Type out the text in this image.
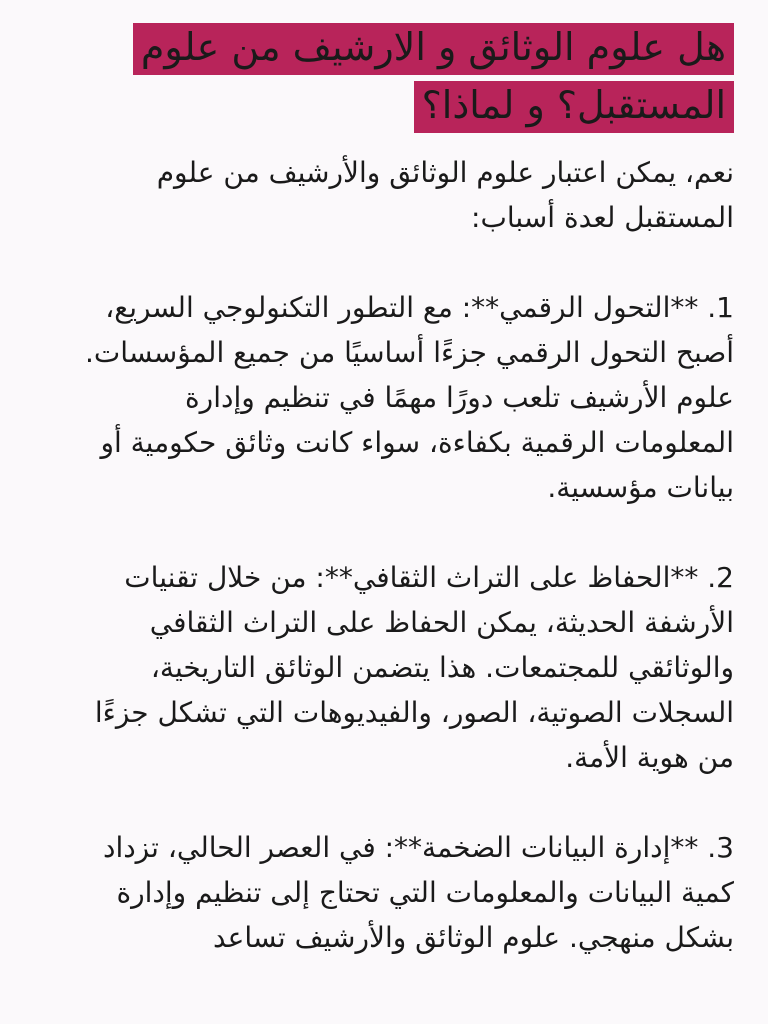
هل علوم الوثائق و الارشيف من علوم المستقبل؟ و لماذا؟

نعم، يمكن اعتبار علوم الوثائق والأرشيف من علوم المستقبل لعدة أسباب:

1. **التحول الرقمي**: مع التطور التكنولوجي السريع، أصبح التحول الرقمي جزءًا أساسيًا من جميع المؤسسات. علوم الأرشيف تلعب دورًا مهمًا في تنظيم وإدارة المعلومات الرقمية بكفاءة، سواء كانت وثائق حكومية أو بيانات مؤسسية.

2. **الحفاظ على التراث الثقافي**: من خلال تقنيات الأرشفة الحديثة، يمكن الحفاظ على التراث الثقافي والوثائقي للمجتمعات. هذا يتضمن الوثائق التاريخية، السجلات الصوتية، الصور، والفيديوهات التي تشكل جزءًا من هوية الأمة.

3. **إدارة البيانات الضخمة**: في العصر الحالي، تزداد كمية البيانات والمعلومات التي تحتاج إلى تنظيم وإدارة بشكل منهجي. علوم الوثائق والأرشيف تساعد
